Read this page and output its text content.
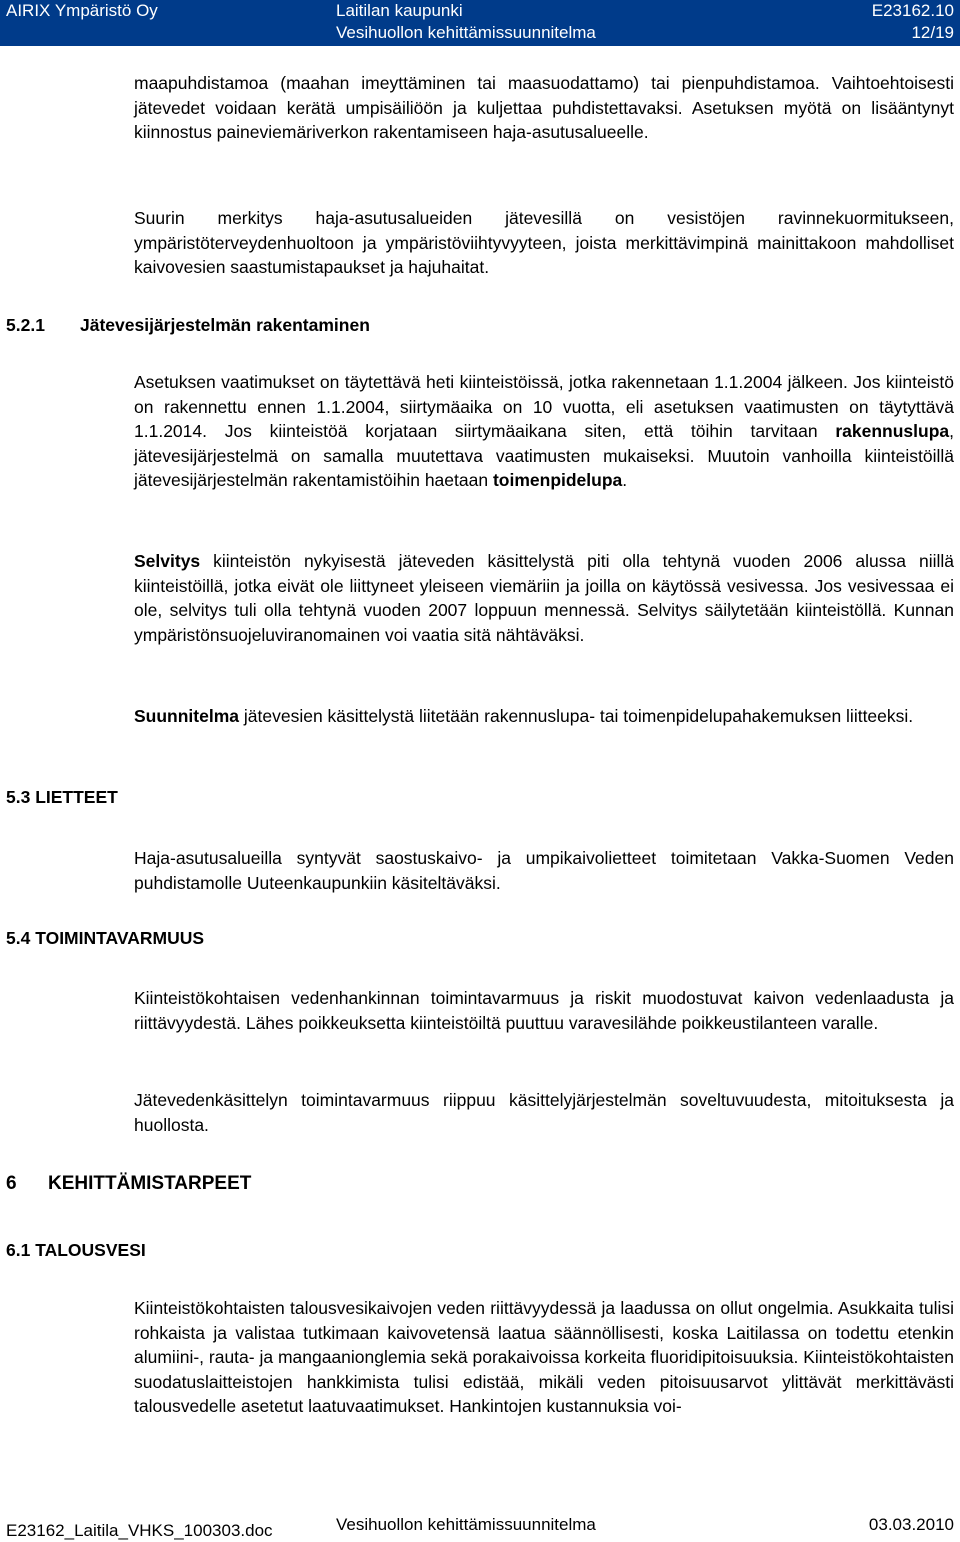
AIRIX Ympäristö Oy	Laitilan kaupunki
Vesihuollon kehittämissuunnitelma
E23162.10
12/19

maapuhdistamoa (maahan imeyttäminen tai maasuodattamo) tai pienpuhdistamoa. Vaihtoehtoisesti jätevedet voidaan kerätä umpisäiliöön ja kuljettaa puhdistettavaksi. Asetuksen myötä on lisääntynyt kiinnostus paineviemäriverkon rakentamiseen haja-asutusalueelle.

Suurin merkitys haja-asutusalueiden jätevesillä on vesistöjen ravinnekuormitukseen, ympäristöterveydenhuoltoon ja ympäristöviihtyvyyteen, joista merkittävimpinä mainittakoon mahdolliset kaivovesien saastumistapaukset ja hajuhaitat.

5.2.1 Jätevesijärjestelmän rakentaminen

Asetuksen vaatimukset on täytettävä heti kiinteistöissä, jotka rakennetaan 1.1.2004 jälkeen. Jos kiinteistö on rakennettu ennen 1.1.2004, siirtymäaika on 10 vuotta, eli asetuksen vaatimusten on täytyttävä 1.1.2014. Jos kiinteistöä korjataan siirtymäaikana siten, että töihin tarvitaan rakennuslupa, jätevesijärjestelmä on samalla muutettava vaatimusten mukaiseksi. Muutoin vanhoilla kiinteistöillä jätevesijärjestelmän rakentamistöihin haetaan toimenpidelupa.

Selvitys kiinteistön nykyisestä jäteveden käsittelystä piti olla tehtynä vuoden 2006 alussa niillä kiinteistöillä, jotka eivät ole liittyneet yleiseen viemäriin ja joilla on käytössä vesivessa. Jos vesivessaa ei ole, selvitys tuli olla tehtynä vuoden 2007 loppuun mennessä. Selvitys säilytetään kiinteistöllä. Kunnan ympäristönsuojeluviranomainen voi vaatia sitä nähtäväksi.

Suunnitelma jätevesien käsittelystä liitetään rakennuslupa- tai toimenpidelupahakemuksen liitteeksi.

5.3 LIETTEET

Haja-asutusalueilla syntyvät saostuskaivo- ja umpikaivolietteet toimitetaan Vakka-Suomen Veden puhdistamolle Uuteenkaupunkiin käsiteltäväksi.

5.4 TOIMINTAVARMUUS

Kiinteistökohtaisen vedenhankinnan toimintavarmuus ja riskit muodostuvat kaivon vedenlaadusta ja riittävyydestä. Lähes poikkeuksetta kiinteistöiltä puuttuu varavesilähde poikkeustilanteen varalle.

Jätevedenkäsittelyn toimintavarmuus riippuu käsittelyjärjestelmän soveltuvuudesta, mitoituksesta ja huollosta.

6 KEHITTÄMISTARPEET
6.1 TALOUSVESI

Kiinteistökohtaisten talousvesikaivojen veden riittävyydessä ja laadussa on ollut ongelmia. Asukkaita tulisi rohkaista ja valistaa tutkimaan kaivovetensä laatua säännöllisesti, koska Laitilassa on todettu etenkin alumiini-, rauta- ja mangaanionglemia sekä porakaivoissa korkeita fluoridipitoisuuksia. Kiinteistökohtaisten suodatuslaitteistojen hankkimista tulisi edistää, mikäli veden pitoisuusarvot ylittävät merkittävästi talousvedelle asetetut laatuvaatimukset. Hankintojen kustannuksia voi-

E23162_Laitila_VHKS_100303.doc	Vesihuollon kehittämissuunnitelma	03.03.2010
